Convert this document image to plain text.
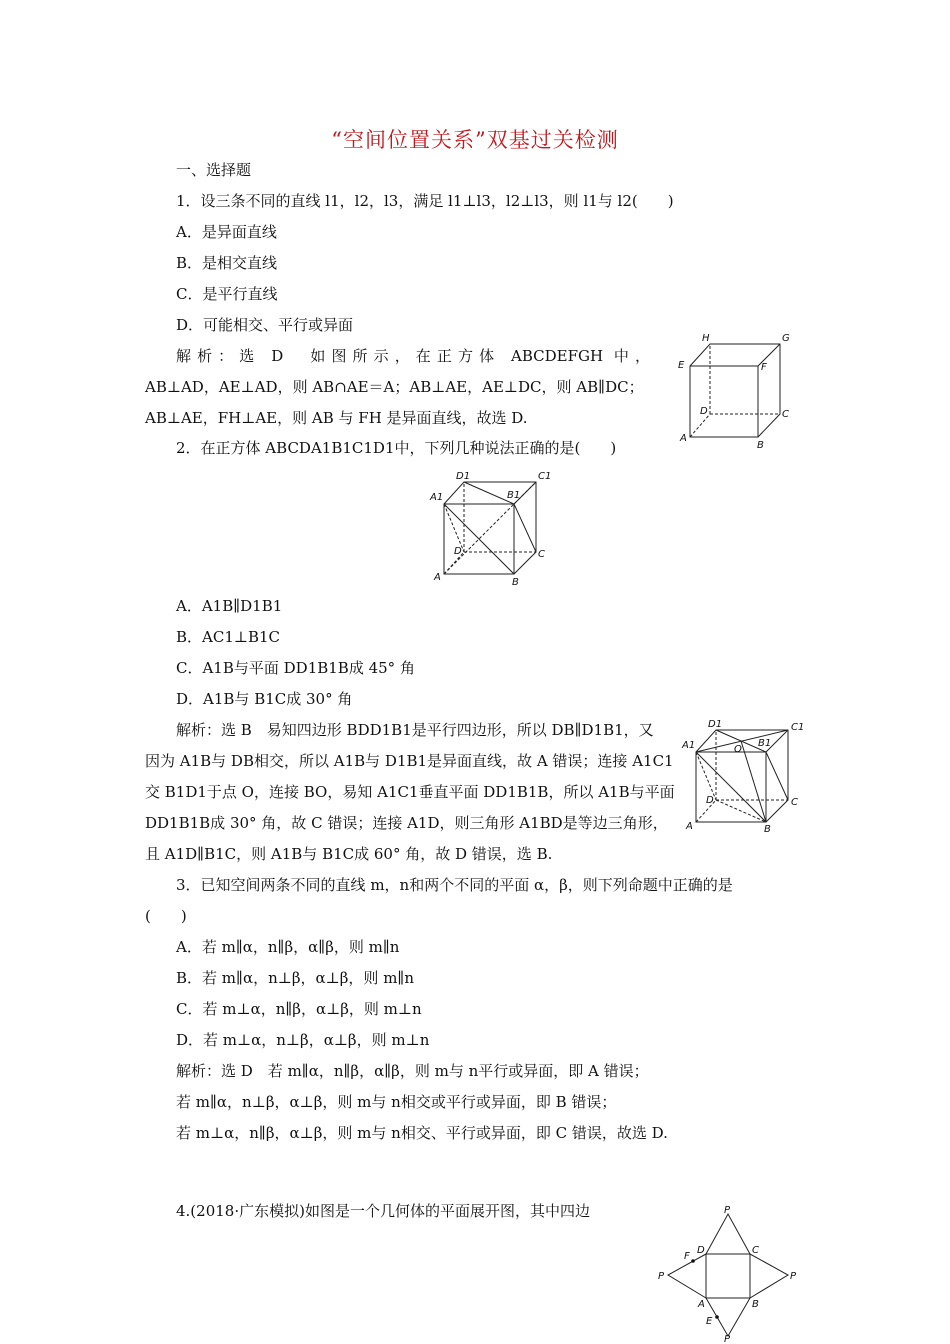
“空间位置关系”双基过关检测
一、选择题
1．设三条不同的直线 l1，l2，l3，满足 l1⊥l3，l2⊥l3，则 l1与 l2(　　)
A．是异面直线
B．是相交直线
C．是平行直线
D．可能相交、平行或异面
解析：选 D　如图所示，在正方体 ABCDEFGH 中，
AB⊥AD，AE⊥AD，则 AB∩AE＝A；AB⊥AE，AE⊥DC，则 AB∥DC；
AB⊥AE，FH⊥AE，则 AB 与 FH 是异面直线，故选 D.
H	G
E	F
D	C
A
B
2．在正方体 ABCDA1B1C1D1中，下列几种说法正确的是(　　)
D1	C1
A1	B1
D	C
A	B
A．A1B∥D1B1
B．AC1⊥B1C
C．A1B与平面 DD1B1B成 45° 角
D．A1B与 B1C成 30° 角
解析：选 B　易知四边形 BDD1B1是平行四边形，所以 DB∥D1B1，又
因为 A1B与 DB相交，所以 A1B与 D1B1是异面直线，故 A 错误；连接 A1C1
交 B1D1于点 O，连接 BO，易知 A1C1垂直平面 DD1B1B，所以 A1B与平面
DD1B1B成 30° 角，故 C 错误；连接 A1D，则三角形 A1BD是等边三角形，
且 A1D∥B1C，则 A1B与 B1C成 60° 角，故 D 错误，选 B.
D1	C1
A1	O
B1
D	C
A	B
3．已知空间两条不同的直线 m，n和两个不同的平面 α，β，则下列命题中正确的是
(　　)
A．若 m∥α，n∥β，α∥β，则 m∥n
B．若 m∥α，n⊥β，α⊥β，则 m∥n
C．若 m⊥α，n∥β，α⊥β，则 m⊥n
D．若 m⊥α，n⊥β，α⊥β，则 m⊥n
解析：选 D　若 m∥α，n∥β，α∥β，则 m与 n平行或异面，即 A 错误；
若 m∥α，n⊥β，α⊥β，则 m与 n相交或平行或异面，即 B 错误；
若 m⊥α，n∥β，α⊥β，则 m与 n相交、平行或异面，即 C 错误，故选 D.
4.(2018·广东模拟)如图是一个几何体的平面展开图，其中四边	P
F
D	C
P	P
A	B
E
P
